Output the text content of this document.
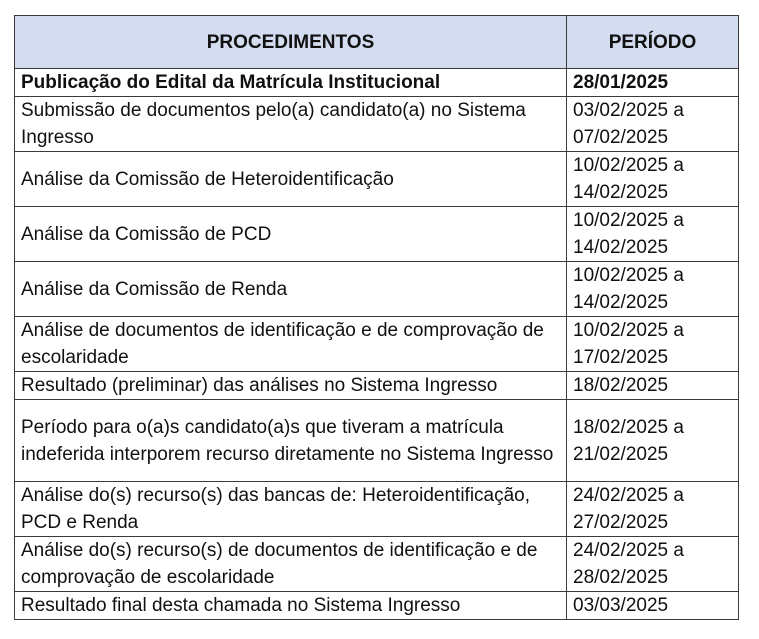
PROCEDIMENTOS	PERÍODO
Publicação do Edital da Matrícula Institucional	28/01/2025
Submissão de documentos pelo(a) candidato(a) no Sistema Ingresso	03/02/2025 a 07/02/2025
Análise da Comissão de Heteroidentificação	10/02/2025 a 14/02/2025
Análise da Comissão de PCD	10/02/2025 a 14/02/2025
Análise da Comissão de Renda	10/02/2025 a 14/02/2025
Análise de documentos de identificação e de comprovação de escolaridade	10/02/2025 a 17/02/2025
Resultado (preliminar) das análises no Sistema Ingresso	18/02/2025
Período para o(a)s candidato(a)s que tiveram a matrícula indeferida interporem recurso diretamente no Sistema Ingresso	18/02/2025 a 21/02/2025
Análise do(s) recurso(s) das bancas de: Heteroidentificação, PCD e Renda	24/02/2025 a 27/02/2025
Análise do(s) recurso(s) de documentos de identificação e de comprovação de escolaridade	24/02/2025 a 28/02/2025
Resultado final desta chamada no Sistema Ingresso	03/03/2025
